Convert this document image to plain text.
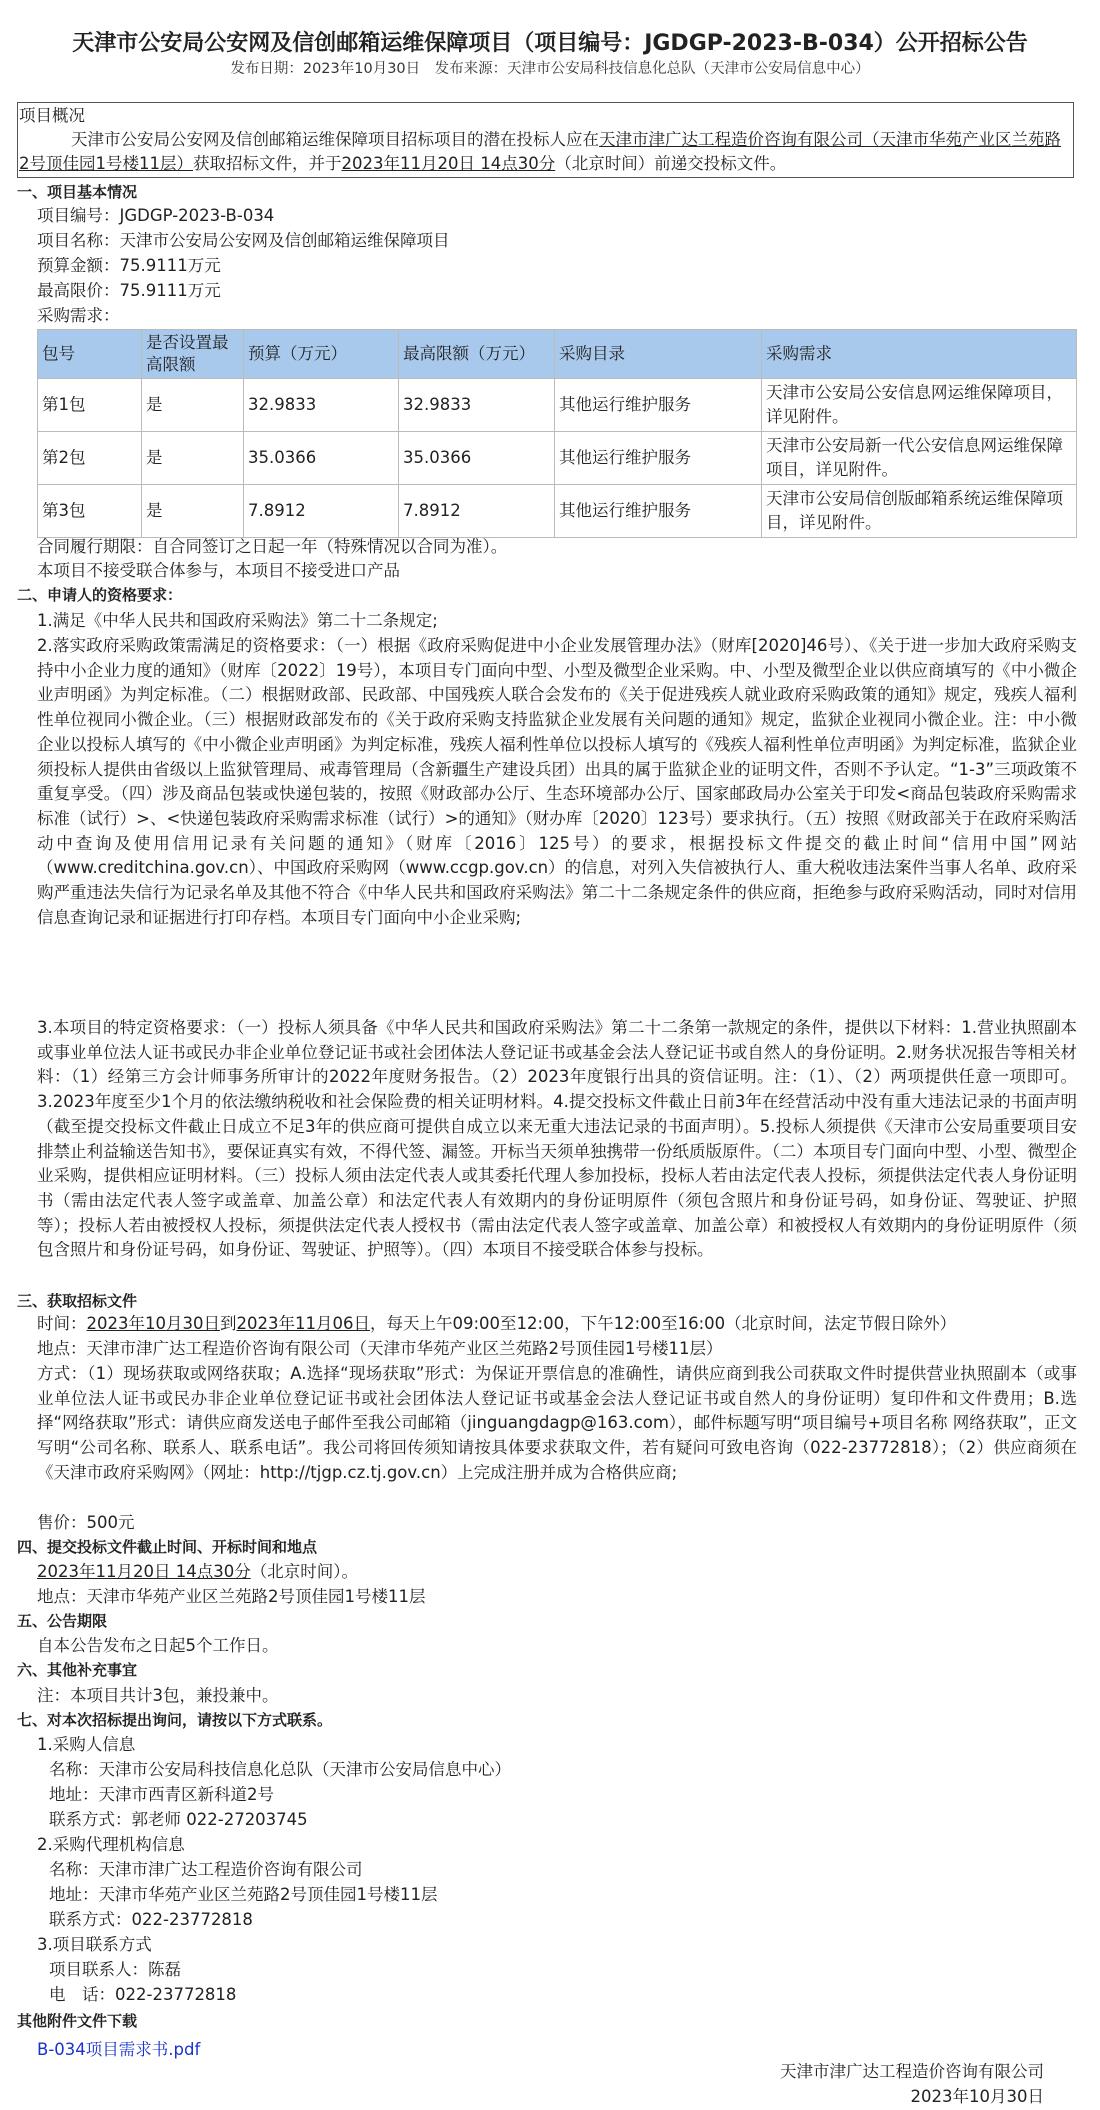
天津市公安局公安网及信创邮箱运维保障项目（项目编号：JGDGP-2023-B-034）公开招标公告
发布日期：2023年10月30日　发布来源：天津市公安局科技信息化总队（天津市公安局信息中心）
项目概况
天津市公安局公安网及信创邮箱运维保障项目招标项目的潜在投标人应在天津市津广达工程造价咨询有限公司（天津市华苑产业区兰苑路2号顶佳园1号楼11层）获取招标文件，并于2023年11月20日 14点30分（北京时间）前递交投标文件。
一、项目基本情况
项目编号：JGDGP-2023-B-034
项目名称：天津市公安局公安网及信创邮箱运维保障项目
预算金额：75.9111万元
最高限价：75.9111万元
采购需求：
包号	是否设置最高限额	预算（万元）	最高限额（万元）	采购目录	采购需求
第1包	是	32.9833	32.9833	其他运行维护服务	天津市公安局公安信息网运维保障项目，详见附件。
第2包	是	35.0366	35.0366	其他运行维护服务	天津市公安局新一代公安信息网运维保障项目，详见附件。
第3包	是	7.8912	7.8912	其他运行维护服务	天津市公安局信创版邮箱系统运维保障项目，详见附件。
合同履行期限：自合同签订之日起一年（特殊情况以合同为准）。
本项目不接受联合体参与，本项目不接受进口产品
二、申请人的资格要求：
1.满足《中华人民共和国政府采购法》第二十二条规定;
2.落实政府采购政策需满足的资格要求：（一）根据《政府采购促进中小企业发展管理办法》（财库[2020]46号）、《关于进一步加大政府采购支持中小企业力度的通知》（财库〔2022〕19号），本项目专门面向中型、小型及微型企业采购。中、小型及微型企业以供应商填写的《中小微企业声明函》为判定标准。（二）根据财政部、民政部、中国残疾人联合会发布的《关于促进残疾人就业政府采购政策的通知》规定，残疾人福利性单位视同小微企业。（三）根据财政部发布的《关于政府采购支持监狱企业发展有关问题的通知》规定，监狱企业视同小微企业。注：中小微企业以投标人填写的《中小微企业声明函》为判定标准，残疾人福利性单位以投标人填写的《残疾人福利性单位声明函》为判定标准，监狱企业须投标人提供由省级以上监狱管理局、戒毒管理局（含新疆生产建设兵团）出具的属于监狱企业的证明文件，否则不予认定。“1-3”三项政策不重复享受。（四）涉及商品包装或快递包装的，按照《财政部办公厅、生态环境部办公厅、国家邮政局办公室关于印发<商品包装政府采购需求标准（试行）>、<快递包装政府采购需求标准（试行）>的通知》（财办库〔2020〕123号）要求执行。（五）按照《财政部关于在政府采购活动中查询及使用信用记录有关问题的通知》（财库〔2016〕125号）的要求，根据投标文件提交的截止时间“信用中国”网站（www.creditchina.gov.cn）、中国政府采购网（www.ccgp.gov.cn）的信息，对列入失信被执行人、重大税收违法案件当事人名单、政府采购严重违法失信行为记录名单及其他不符合《中华人民共和国政府采购法》第二十二条规定条件的供应商，拒绝参与政府采购活动，同时对信用信息查询记录和证据进行打印存档。本项目专门面向中小企业采购;
3.本项目的特定资格要求：（一）投标人须具备《中华人民共和国政府采购法》第二十二条第一款规定的条件，提供以下材料：1.营业执照副本或事业单位法人证书或民办非企业单位登记证书或社会团体法人登记证书或基金会法人登记证书或自然人的身份证明。2.财务状况报告等相关材料：（1）经第三方会计师事务所审计的2022年度财务报告。（2）2023年度银行出具的资信证明。注：（1）、（2）两项提供任意一项即可。3.2023年度至少1个月的依法缴纳税收和社会保险费的相关证明材料。4.提交投标文件截止日前3年在经营活动中没有重大违法记录的书面声明（截至提交投标文件截止日成立不足3年的供应商可提供自成立以来无重大违法记录的书面声明）。5.投标人须提供《天津市公安局重要项目安排禁止利益输送告知书》，要保证真实有效，不得代签、漏签。开标当天须单独携带一份纸质版原件。（二）本项目专门面向中型、小型、微型企业采购，提供相应证明材料。（三）投标人须由法定代表人或其委托代理人参加投标，投标人若由法定代表人投标，须提供法定代表人身份证明书（需由法定代表人签字或盖章、加盖公章）和法定代表人有效期内的身份证明原件（须包含照片和身份证号码，如身份证、驾驶证、护照等）；投标人若由被授权人投标，须提供法定代表人授权书（需由法定代表人签字或盖章、加盖公章）和被授权人有效期内的身份证明原件（须包含照片和身份证号码，如身份证、驾驶证、护照等）。（四）本项目不接受联合体参与投标。
三、获取招标文件
时间：2023年10月30日到2023年11月06日，每天上午09:00至12:00，下午12:00至16:00（北京时间，法定节假日除外）
地点：天津市津广达工程造价咨询有限公司（天津市华苑产业区兰苑路2号顶佳园1号楼11层）
方式：（1）现场获取或网络获取；A.选择“现场获取”形式：为保证开票信息的准确性，请供应商到我公司获取文件时提供营业执照副本（或事业单位法人证书或民办非企业单位登记证书或社会团体法人登记证书或基金会法人登记证书或自然人的身份证明）复印件和文件费用；B.选择“网络获取”形式：请供应商发送电子邮件至我公司邮箱（jinguangdagp@163.com），邮件标题写明“项目编号+项目名称 网络获取”，正文写明“公司名称、联系人、联系电话”。我公司将回传须知请按具体要求获取文件，若有疑问可致电咨询（022-23772818）；（2）供应商须在《天津市政府采购网》（网址：http://tjgp.cz.tj.gov.cn）上完成注册并成为合格供应商;
售价：500元
四、提交投标文件截止时间、开标时间和地点
2023年11月20日 14点30分（北京时间）。
地点：天津市华苑产业区兰苑路2号顶佳园1号楼11层
五、公告期限
自本公告发布之日起5个工作日。
六、其他补充事宜
注：本项目共计3包，兼投兼中。
七、对本次招标提出询问，请按以下方式联系。
1.采购人信息
名称：天津市公安局科技信息化总队（天津市公安局信息中心）
地址：天津市西青区新科道2号
联系方式：郭老师 022-27203745
2.采购代理机构信息
名称：天津市津广达工程造价咨询有限公司
地址：天津市华苑产业区兰苑路2号顶佳园1号楼11层
联系方式：022-23772818
3.项目联系方式
项目联系人：陈磊
电　话：022-23772818
其他附件文件下载
B-034项目需求书.pdf
天津市津广达工程造价咨询有限公司
2023年10月30日
